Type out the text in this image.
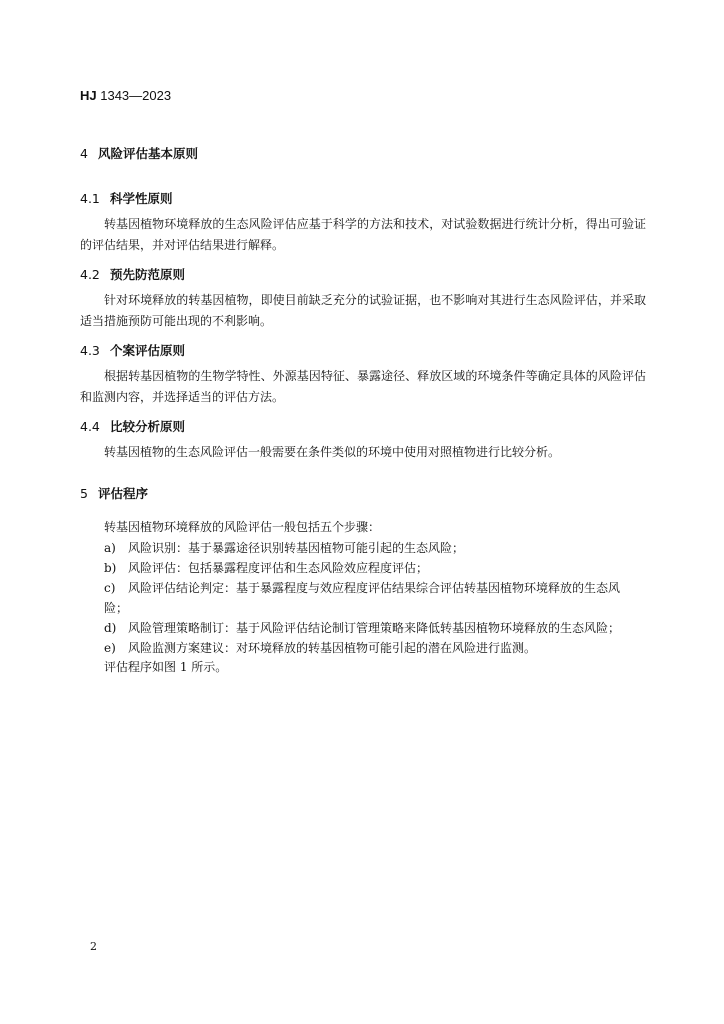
HJ 1343—2023
4 风险评估基本原则
4.1 科学性原则
转基因植物环境释放的生态风险评估应基于科学的方法和技术，对试验数据进行统计分析，得出可验证的评估结果，并对评估结果进行解释。
4.2 预先防范原则
针对环境释放的转基因植物，即使目前缺乏充分的试验证据，也不影响对其进行生态风险评估，并采取适当措施预防可能出现的不利影响。
4.3 个案评估原则
根据转基因植物的生物学特性、外源基因特征、暴露途径、释放区域的环境条件等确定具体的风险评估和监测内容，并选择适当的评估方法。
4.4 比较分析原则
转基因植物的生态风险评估一般需要在条件类似的环境中使用对照植物进行比较分析。
5 评估程序
转基因植物环境释放的风险评估一般包括五个步骤：
a) 风险识别：基于暴露途径识别转基因植物可能引起的生态风险；
b) 风险评估：包括暴露程度评估和生态风险效应程度评估；
c) 风险评估结论判定：基于暴露程度与效应程度评估结果综合评估转基因植物环境释放的生态风
险；
d) 风险管理策略制订：基于风险评估结论制订管理策略来降低转基因植物环境释放的生态风险；
e) 风险监测方案建议：对环境释放的转基因植物可能引起的潜在风险进行监测。
评估程序如图 1 所示。
2
